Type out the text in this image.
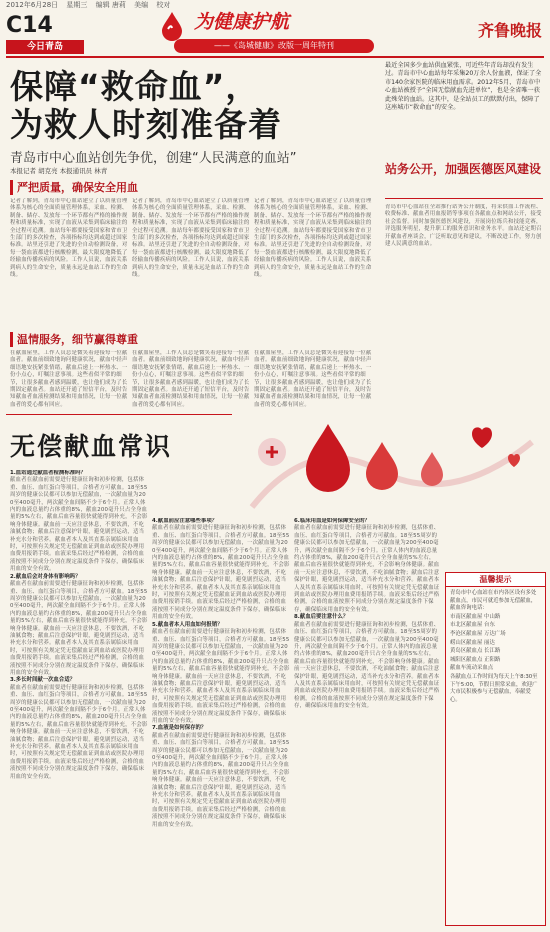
2012年6月28日 星期三 编辑 唐莉 美编 校对
C14
今日青岛
为健康护航
——《岛城健康》改版一周年特刊
齐鲁晚报
保障“救命血”，
为救人时刻准备着
青岛市中心血站创先争优，创建“人民满意的血站”
本报记者 胡克亮 本报通讯员 林青
最近全国多少血站供血紧张，可近些年青岛却没有发生过。青岛市中心血站每年采集20万余人份血液，保证了全市140余家医院的临床用血需求。2012年5月，青岛市中心血站被授予“全国无偿献血先进单位”，也是全省唯一获此殊荣的血站。这其中，是全站员工的默默付出，保障了这座城市“救命血”的安全。
站务公开，加强医德医风建设
青岛市中心血站在全站推行站务公开制度，将采供血工作流程、收费标准、献血者用血报销等事项在各献血点和网站公开，接受社会监督。同时加强医德医风建设，开展岗位练兵和技能竞赛，评选服务明星，提升职工的服务意识和业务水平。血站还定期召开献血者座谈会，广泛听取意见和建议，不断改进工作，努力创建人民满意的血站。
严把质量，确保安全用血
记者了解到，青岛市中心血站建立了以质量管理体系为核心的全面质量管理体系，采血、检测、制备、储存、发放每一个环节都有严格的操作规程和质量标准，实现了血液从采集到临床输注的全过程可追溯。血站每年都要接受国家和省市卫生部门的多次检查，各项指标均达到或超过国家标准。站里还引进了先进的全自动检测设备，对每一袋血液都进行核酸检测，最大限度地降低了经输血传播疾病的风险。工作人员说，血液关系到病人的生命安全，质量永远是血站工作的生命线。
记者了解到，青岛市中心血站建立了以质量管理体系为核心的全面质量管理体系，采血、检测、制备、储存、发放每一个环节都有严格的操作规程和质量标准，实现了血液从采集到临床输注的全过程可追溯。血站每年都要接受国家和省市卫生部门的多次检查，各项指标均达到或超过国家标准。站里还引进了先进的全自动检测设备，对每一袋血液都进行核酸检测，最大限度地降低了经输血传播疾病的风险。工作人员说，血液关系到病人的生命安全，质量永远是血站工作的生命线。
记者了解到，青岛市中心血站建立了以质量管理体系为核心的全面质量管理体系，采血、检测、制备、储存、发放每一个环节都有严格的操作规程和质量标准，实现了血液从采集到临床输注的全过程可追溯。血站每年都要接受国家和省市卫生部门的多次检查，各项指标均达到或超过国家标准。站里还引进了先进的全自动检测设备，对每一袋血液都进行核酸检测，最大限度地降低了经输血传播疾病的风险。工作人员说，血液关系到病人的生命安全，质量永远是血站工作的生命线。
温情服务，细节赢得尊重
在献血屋里，工作人员总是微笑着迎接每一位献血者。献血前细致地询问健康状况，献血中轻声细语地安抚紧张情绪，献血后递上一杯热水、一份小点心，叮嘱注意事项。这些看似平常的细节，让很多献血者感到温暖，也让他们成为了长期固定献血者。血站还开通了短信平台，及时告知献血者血液检测结果和用血情况，让每一位献血者的爱心都有回应。
在献血屋里，工作人员总是微笑着迎接每一位献血者。献血前细致地询问健康状况，献血中轻声细语地安抚紧张情绪，献血后递上一杯热水、一份小点心，叮嘱注意事项。这些看似平常的细节，让很多献血者感到温暖，也让他们成为了长期固定献血者。血站还开通了短信平台，及时告知献血者血液检测结果和用血情况，让每一位献血者的爱心都有回应。
在献血屋里，工作人员总是微笑着迎接每一位献血者。献血前细致地询问健康状况，献血中轻声细语地安抚紧张情绪，献血后递上一杯热水、一份小点心，叮嘱注意事项。这些看似平常的细节，让很多献血者感到温暖，也让他们成为了长期固定献血者。血站还开通了短信平台，及时告知献血者血液检测结果和用血情况，让每一位献血者的爱心都有回应。
无偿献血常识
1.血站通过献血者检测标准吗？
献血者在献血前需要进行健康征询和初步检测，包括体重、血压、血红蛋白等项目，合格者方可献血。18至55周岁的健康公民都可以参加无偿献血，一次献血量为200至400毫升，两次献全血间隔不少于6个月。正常人体内的血液总量约占体重的8%，献血200毫升只占全身血量的5%左右，献血后血容量很快就能得到补充，不会影响身体健康。献血前一天应注意休息，不要饮酒，不吃油腻食物；献血后注意保护针眼，避免剧烈运动，适当补充水分和营养。献血者本人及其直系亲属临床用血时，可按照有关规定凭无偿献血证到血站或医院办理用血费用报销手续。血液采集后经过严格检测，合格的血液按照不同成分分别在规定温度条件下保存，确保临床用血的安全有效。
2.献血后会对身体有影响吗？
献血者在献血前需要进行健康征询和初步检测，包括体重、血压、血红蛋白等项目，合格者方可献血。18至55周岁的健康公民都可以参加无偿献血，一次献血量为200至400毫升，两次献全血间隔不少于6个月。正常人体内的血液总量约占体重的8%，献血200毫升只占全身血量的5%左右，献血后血容量很快就能得到补充，不会影响身体健康。献血前一天应注意休息，不要饮酒，不吃油腻食物；献血后注意保护针眼，避免剧烈运动，适当补充水分和营养。献血者本人及其直系亲属临床用血时，可按照有关规定凭无偿献血证到血站或医院办理用血费用报销手续。血液采集后经过严格检测，合格的血液按照不同成分分别在规定温度条件下保存，确保临床用血的安全有效。
3.多长时间献一次血合适？
献血者在献血前需要进行健康征询和初步检测，包括体重、血压、血红蛋白等项目，合格者方可献血。18至55周岁的健康公民都可以参加无偿献血，一次献血量为200至400毫升，两次献全血间隔不少于6个月。正常人体内的血液总量约占体重的8%，献血200毫升只占全身血量的5%左右，献血后血容量很快就能得到补充，不会影响身体健康。献血前一天应注意休息，不要饮酒，不吃油腻食物；献血后注意保护针眼，避免剧烈运动，适当补充水分和营养。献血者本人及其直系亲属临床用血时，可按照有关规定凭无偿献血证到血站或医院办理用血费用报销手续。血液采集后经过严格检测，合格的血液按照不同成分分别在规定温度条件下保存，确保临床用血的安全有效。
4.献血前应注意哪些事项？
献血者在献血前需要进行健康征询和初步检测，包括体重、血压、血红蛋白等项目，合格者方可献血。18至55周岁的健康公民都可以参加无偿献血，一次献血量为200至400毫升，两次献全血间隔不少于6个月。正常人体内的血液总量约占体重的8%，献血200毫升只占全身血量的5%左右，献血后血容量很快就能得到补充，不会影响身体健康。献血前一天应注意休息，不要饮酒，不吃油腻食物；献血后注意保护针眼，避免剧烈运动，适当补充水分和营养。献血者本人及其直系亲属临床用血时，可按照有关规定凭无偿献血证到血站或医院办理用血费用报销手续。血液采集后经过严格检测，合格的血液按照不同成分分别在规定温度条件下保存，确保临床用血的安全有效。
5.献血者本人用血如何报销？
献血者在献血前需要进行健康征询和初步检测，包括体重、血压、血红蛋白等项目，合格者方可献血。18至55周岁的健康公民都可以参加无偿献血，一次献血量为200至400毫升，两次献全血间隔不少于6个月。正常人体内的血液总量约占体重的8%，献血200毫升只占全身血量的5%左右，献血后血容量很快就能得到补充，不会影响身体健康。献血前一天应注意休息，不要饮酒，不吃油腻食物；献血后注意保护针眼，避免剧烈运动，适当补充水分和营养。献血者本人及其直系亲属临床用血时，可按照有关规定凭无偿献血证到血站或医院办理用血费用报销手续。血液采集后经过严格检测，合格的血液按照不同成分分别在规定温度条件下保存，确保临床用血的安全有效。
7.血液是如何保存的？
献血者在献血前需要进行健康征询和初步检测，包括体重、血压、血红蛋白等项目，合格者方可献血。18至55周岁的健康公民都可以参加无偿献血，一次献血量为200至400毫升，两次献全血间隔不少于6个月。正常人体内的血液总量约占体重的8%，献血200毫升只占全身血量的5%左右，献血后血容量很快就能得到补充，不会影响身体健康。献血前一天应注意休息，不要饮酒，不吃油腻食物；献血后注意保护针眼，避免剧烈运动，适当补充水分和营养。献血者本人及其直系亲属临床用血时，可按照有关规定凭无偿献血证到血站或医院办理用血费用报销手续。血液采集后经过严格检测，合格的血液按照不同成分分别在规定温度条件下保存，确保临床用血的安全有效。
6.临床用血是如何保障安全的？
献血者在献血前需要进行健康征询和初步检测，包括体重、血压、血红蛋白等项目，合格者方可献血。18至55周岁的健康公民都可以参加无偿献血，一次献血量为200至400毫升，两次献全血间隔不少于6个月。正常人体内的血液总量约占体重的8%，献血200毫升只占全身血量的5%左右，献血后血容量很快就能得到补充，不会影响身体健康。献血前一天应注意休息，不要饮酒，不吃油腻食物；献血后注意保护针眼，避免剧烈运动，适当补充水分和营养。献血者本人及其直系亲属临床用血时，可按照有关规定凭无偿献血证到血站或医院办理用血费用报销手续。血液采集后经过严格检测，合格的血液按照不同成分分别在规定温度条件下保存，确保临床用血的安全有效。
8.献血后要注意什么？
献血者在献血前需要进行健康征询和初步检测，包括体重、血压、血红蛋白等项目，合格者方可献血。18至55周岁的健康公民都可以参加无偿献血，一次献血量为200至400毫升，两次献全血间隔不少于6个月。正常人体内的血液总量约占体重的8%，献血200毫升只占全身血量的5%左右，献血后血容量很快就能得到补充，不会影响身体健康。献血前一天应注意休息，不要饮酒，不吃油腻食物；献血后注意保护针眼，避免剧烈运动，适当补充水分和营养。献血者本人及其直系亲属临床用血时，可按照有关规定凭无偿献血证到血站或医院办理用血费用报销手续。血液采集后经过严格检测，合格的血液按照不同成分分别在规定温度条件下保存，确保临床用血的安全有效。
温馨提示
青岛市中心血站在市内各区设有多处献血点，市民可就近参加无偿献血，献血咨询电话：
市南区献血屋 中山路
市北区献血屋 台东
李沧区献血屋 万达广场
崂山区献血屋 丽达
黄岛区献血点 长江路
城阳区献血点 正阳路
献血车流动采血点
各献血点工作时间为每天上午8:30至下午5:00，节假日照常采血，欢迎广大市民积极参与无偿献血，奉献爱心。
